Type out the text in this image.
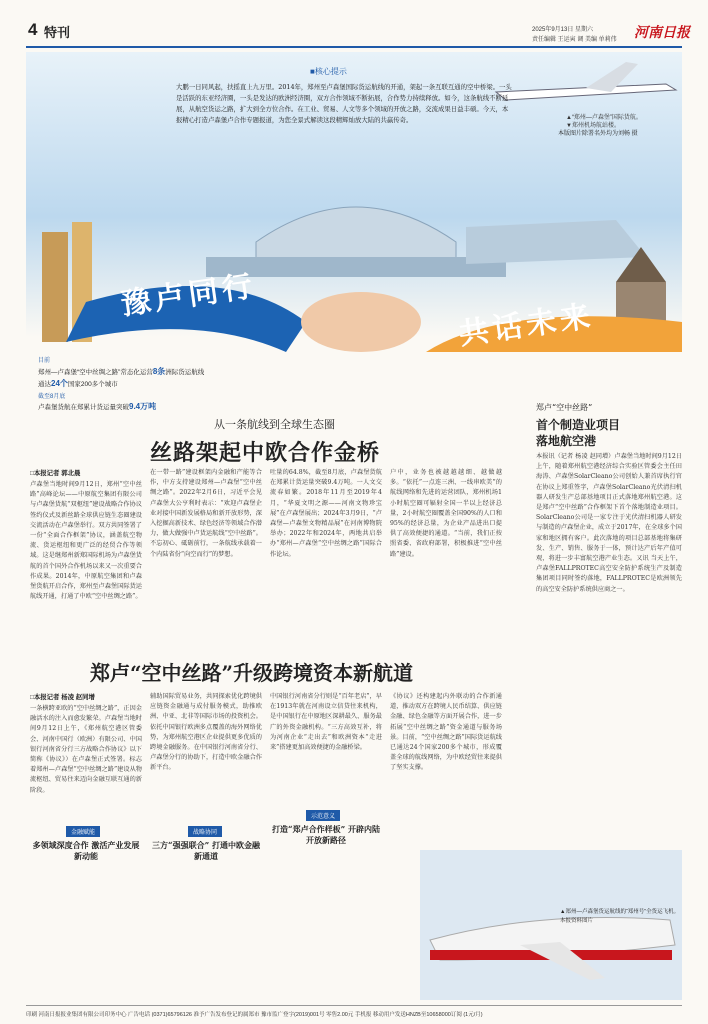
4 特刊	2025年9月13日 星期六
责任编辑 王运寅 调 美编 单莉伟 河南日报
■核心提示
大鹏一日同风起，扶摇直上九万里。2014年，郑州至卢森堡国际货运航线的开通，架起一条互联互通的空中桥梁。一头是活跃的东亚经济圈，一头是发达的欧洲经济圈，双方合作领域不断拓展，合作势力持续释放。如今，这条航线不断延展，从航空货运之路，扩大到全方位合作。在工业、贸易、人文等多个领域的开放之路，交流成果日益丰硕。今天，本报精心打造卢森堡卢合作专题报道，为您全景式解读这段精辉灿放大陆的共赢传奇。	▲“郑州—卢森堡”国际货航。
▼郑州机场航站楼。
本版图片除署名外均为刘畅 摄
豫卢同行
共话未来
目前
郑州—卢森堡“空中丝绸之路”常态化运营8条洲际货运航线
通达24个国家200多个城市
截至8月底
卢森堡货航在郑累计货运量突破9.4万吨
从一条航线到全球生态圈
丝路架起中欧合作金桥
□本报记者 郭北晨
卢森堡当地时间9月12日，郑州“空中丝路”高峰论坛——中原航空集团有限公司与卢森堡货航“双枢纽”建设战略合作协议签约仪式及新丝路全球供应链生态圈建设交流活动在卢森堡举行。双方共同签署了一份“全面合作框架”协议，涵盖航空物流、货运枢纽和更广泛的经贸合作等领域。这是继郑州新郑国际机场为卢森堡货航的首个国外合作机场以来又一次重要合作成果。2014年，中原航空集团和卢森堡货航开启合作，郑州至卢森堡国际货运航线开通，打通了中欧“空中丝绸之路”。
在一带一路”建设框架内金融和产能等合作，中方支持建设郑州—卢森堡“空中丝绸之路”。2022年2月6日，习近平会见卢森堡大公亨利时表示：“欢迎卢森堡企业对接中国新发展格局和新开放形势，深入挖掘高新技术、绿色经济等领域合作潜力，做大做强中卢货运航线“空中丝路”。不忘初心、砥砺前行，一条航线承载着一个内陆省份“向空而行”的梦想。
吐量的64.8%，截至8月底，卢森堡货航在郑累计货运量突破9.4万吨。一人文交流春如繁。2018年11月至2019年4月，“华夏文明之源——河南文物珍宝展”在卢森堡展出；2024年3月9日，“卢森堡—卢森堡文物精品展”在河南博物院举办；2022年和2024年，两地共启举办“郑州—卢森堡“空中丝绸之路”国际合作论坛。
户中，业务也被越越越细、越做越多。“依托”一点连三洲、一线串欧美”的航线网络和先进的运营团队，郑州机场1小时航空圈可辐射全国一半以上经济总量，2小时航空圈覆盖全国90%的人口和95%的经济总量，为企业产品进出口提供了高效便捷的通道。“当前，我们正按照省委、省政府部署，积极推进“空中丝路”建设。
郑卢“空中丝路”升级跨境资本新航道
□本报记者 杨凌 赵同增
一条横跨亚欧的“空中丝绸之路”，正因金融活水的注入而愈发繁荣。卢森堡当地时间9月12日上午，《郑州航空港区管委会、河南中国行（欧洲）有限公司、中国银行河南省分行三方战略合作协议》以下简称《协议》）在卢森堡正式签署。标志着郑州—卢森堡“空中丝绸之路”建设从物流枢纽、贸易往来迈向金融互联互通的新阶段。
金融赋能
多领域深度合作 激活产业发展新动能
辅助国际贸易业务，共同探索优化跨境供应链资金融通与成付服务模式，助推欧洲、中亚、北非等国际市场的投资机会。依托中国银行欧洲多点覆盖的海外网络优势，为郑州航空港区企业提供更多优质的跨境金融服务。在中国银行河南省分行、卢森堡分行的协助下，打造中欧金融合作新平台。
战略协同
三方“强强联合” 打通中欧金融新通道
中国银行河南省分行则是“百年老店”，早在1913年就在河南设立信贷往来机构，是中国银行在中原地区深耕最久、服务最广的外资金融机构。“三方高效互补，将为河南企业“走出去”和欧洲资本“走进来”搭建更加高效便捷的金融桥梁。
示范意义
打造“郑卢合作样板” 开辟内陆开放新路径
《协议》还构建起内外联动的合作新通道，推动双方在跨境人民币结算、供应链金融、绿色金融等方面开展合作，进一步拓展“空中丝绸之路”资金通道与服务场景。目前，“空中丝绸之路”国际货运航线已通达24个国家200多个城市，形成覆盖全球的航线网络，为中欧经贸往来提供了坚实支撑。
郑卢“空中丝路”
首个制造业项目
落地航空港
本报讯（记者 杨凌 赵同增）卢森堡当地时间9月12日上午，随着郑州航空港经济综合实验区管委会主任田海涛、卢森堡SolarCleano公司创始人兼首席执行官在协议上郑重签字，卢森堡SolarCleano光伏清扫机器人研发生产总部基地项目正式落地郑州航空港。这是郑卢“空中丝路”合作框架下首个落地制造业项目。SolarCleano公司是一家专注于光伏清扫机器人研发与制造的卢森堡企业，成立于2017年，在全球多个国家和地区拥有客户。此次落地的项目总部基地将集研发、生产、销售、服务于一体，预计达产后年产值可观，将进一步丰富航空港产业生态。又讯 当天上午，卢森堡FALLPROTEC高空安全防护系统生产及制造集团项目同时签约落地，FALLPROTEC是欧洲领先的高空安全防护系统供应商之一。
▲郑州—卢森堡货运航线的“郑州号”全货运飞机。本报资料图片
印刷 河南日报报业集团有限公司印务中心 广告电话 (0371)65796126 准予广告发布登记的属郑市 豫市监广登字(2019)001号 零售2.00元 手机报 移动用户发送HNZB至10658000订阅 (1元/月)
